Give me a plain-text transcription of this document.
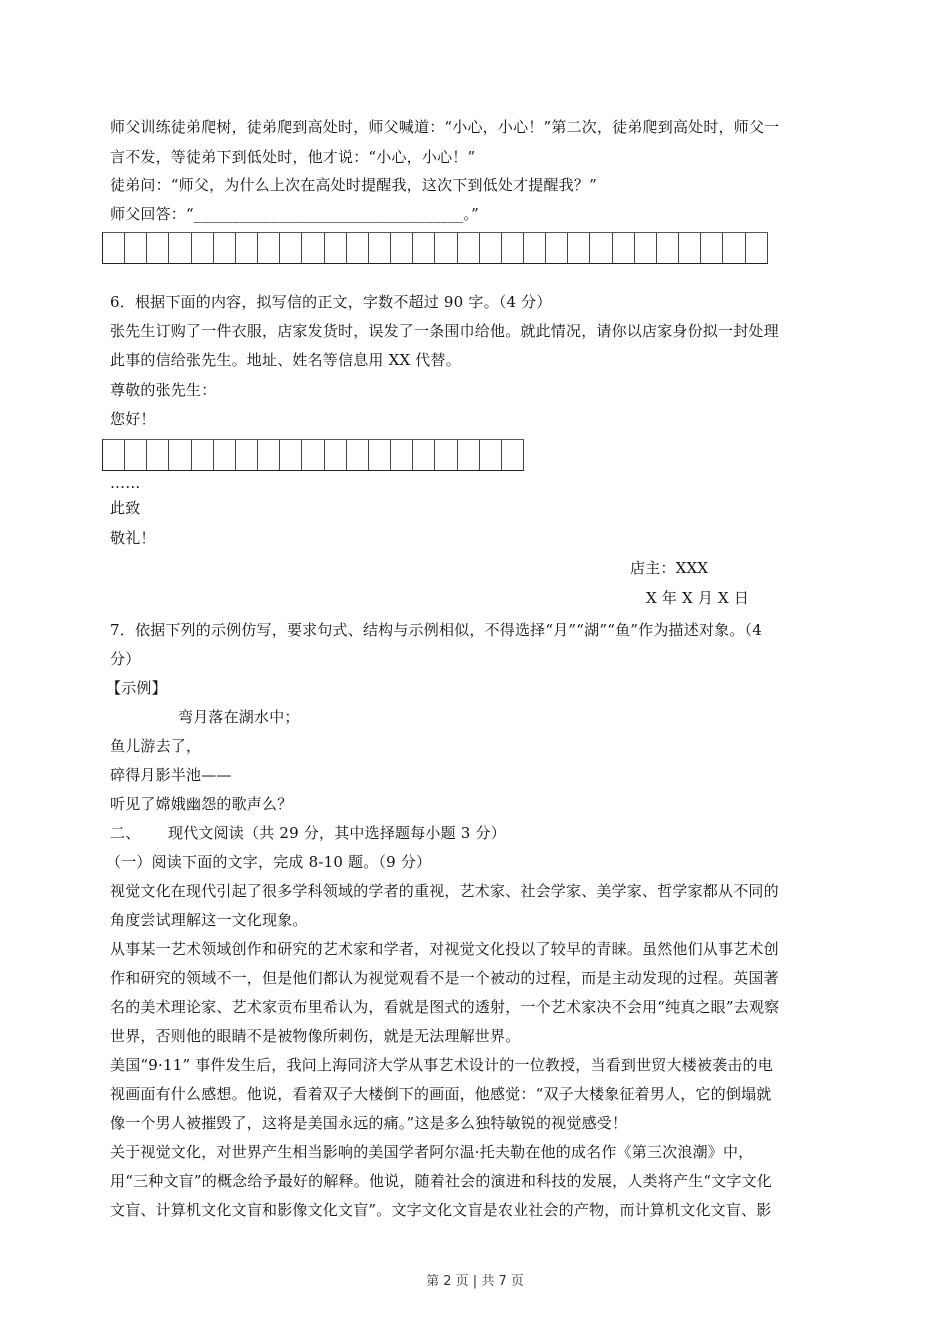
师父训练徒弟爬树，徒弟爬到高处时，师父喊道：“小心，小心！”第二次，徒弟爬到高处时，师父一
言不发，等徒弟下到低处时，他才说：“小心，小心！”
徒弟问：“师父，为什么上次在高处时提醒我，这次下到低处才提醒我？”
师父回答：“___________________________________。”
6．根据下面的内容，拟写信的正文，字数不超过 90 字。（4 分）
张先生订购了一件衣服，店家发货时，误发了一条围巾给他。就此情况，请你以店家身份拟一封处理
此事的信给张先生。地址、姓名等信息用 XX 代替。
尊敬的张先生：
您好！
……
此致
敬礼！
店主：XXX
X 年 X 月 X 日
7．依据下列的示例仿写，要求句式、结构与示例相似，不得选择“月”“湖”“鱼”作为描述对象。（4
分）
【示例】
弯月落在湖水中；
鱼儿游去了，
碎得月影半池——
听见了嫦娥幽怨的歌声么？
二、 现代文阅读（共 29 分，其中选择题每小题 3 分）
（一）阅读下面的文字，完成 8-10 题。（9 分）
视觉文化在现代引起了很多学科领域的学者的重视，艺术家、社会学家、美学家、哲学家都从不同的
角度尝试理解这一文化现象。
从事某一艺术领域创作和研究的艺术家和学者，对视觉文化投以了较早的青睐。虽然他们从事艺术创
作和研究的领域不一，但是他们都认为视觉观看不是一个被动的过程，而是主动发现的过程。英国著
名的美术理论家、艺术家贡布里希认为，看就是图式的透射，一个艺术家决不会用“纯真之眼”去观察
世界，否则他的眼睛不是被物像所刺伤，就是无法理解世界。
美国“9·11” 事件发生后，我问上海同济大学从事艺术设计的一位教授，当看到世贸大楼被袭击的电
视画面有什么感想。他说，看着双子大楼倒下的画面，他感觉：“双子大楼象征着男人，它的倒塌就
像一个男人被摧毁了，这将是美国永远的痛。”这是多么独特敏锐的视觉感受！
关于视觉文化，对世界产生相当影响的美国学者阿尔温·托夫勒在他的成名作《第三次浪潮》中，
用“三种文盲”的概念给予最好的解释。他说，随着社会的演进和科技的发展，人类将产生“文字文化
文盲、计算机文化文盲和影像文化文盲”。文字文化文盲是农业社会的产物，而计算机文化文盲、影
第 2 页 | 共 7 页
